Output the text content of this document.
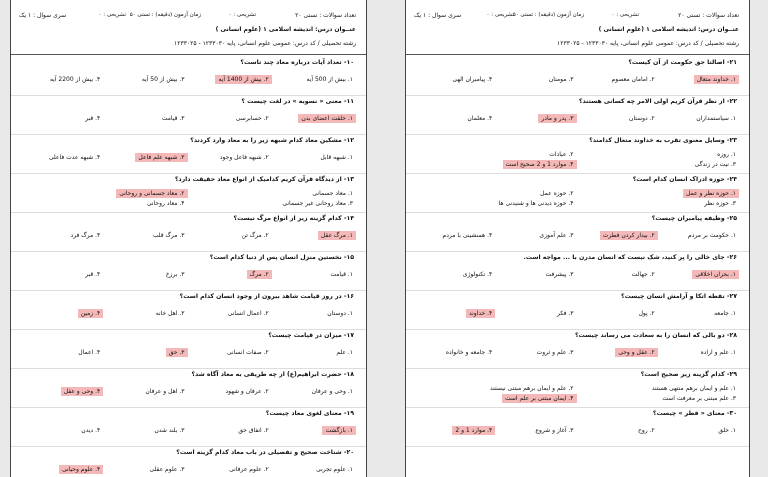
تعداد سوالات : تستی ۲۰
تشریحی : ۰
زمان آزمون (دقیقه) : تستی ۵۰
تشریحی : ۰
سری سوال : ۱ یک
عنــوان درس: اندیشه اسلامی ۱ (علوم انسانی )
رشته تحصیلی / کد درس: عمومی علوم انسانی، پایه ۱۲۳۳۰۳۰ - ۱۲۳۳۰۲۵
۱۰- تعداد آیات درباره معاد چند تاست؟
۱. بیش از 500 آیه
۲. بیش از 1400 آیه
۳. بیش از 50 آیه
۴. بیش از 2200 آیه
۱۱- معنی « نسوبه » در لغت چیست ؟
۱. خلقت اعضای بدن
۲. حسابرسی
۳. قیامت
۴. قبر
۱۲- مشکین معاد کدام شبهه زیر را به معاد وارد کردند؟
۱. شبهه قابل
۲. شبهه فاعل وجود
۳. شبهه علم فاعل
۴. شبهه عدت فاعلی
۱۳- از دیدگاه قرآن کریم کدامیک از انواع معاد حقیقت دارد؟
۱. معاد جسمانی
۲. معاد جسمانی و روحانی
۳. معاد روحانی غیر جسمانی
۴. معاد روحانی
۱۴- کدام گزینه زیر از انواع مرگ نیست؟
۱. مرگ عقل
۲. مرگ تن
۳. مرگ قلب
۴. مرگ فرد
۱۵- نخستین منزل انسان پس از دنیا کدام است؟
۱. قیامت
۲. مرگ
۳. برزخ
۴. قبر
۱۶- در روز قیامت شاهد بیرون از وجود انسان کدام است؟
۱. دوستان
۲. اعمال انسانی
۳. اهل خانه
۴. زمین
۱۷- میزان در قیامت چیست؟
۱. علم
۲. صفات انسانی
۳. حق
۴. اعمال
۱۸- حضرت ابراهیم(ع) از چه طریقی به معاد آگاه شد؟
۱. وحی و عرفان
۲. عرفان و شهود
۳. اهل و عرفان
۴. وحی و عقل
۱۹- معنای لغوی معاد چیست؟
۱. بازگشت
۲. اتفاق حق
۳. بلند شدن
۴. دیدن
۲۰- شناخت صحیح و تفصیلی در باب معاد کدام گزینه است؟
۱. علوم تجربی
۲. علوم عرفانی
۳. علوم عقلی
۴. علوم وحیانی
تعداد سوالات : تستی ۲۰
تشریحی : ۰
زمان آزمون (دقیقه) : تستی ۵۰
تشریحی : ۰
سری سوال : ۱ یک
عنــوان درس: اندیشه اسلامی ۱ (علوم انسانی )
رشته تحصیلی / کد درس: عمومی علوم انسانی، پایه ۱۲۳۳۰۳۰ - ۱۲۳۳۰۲۵
۲۱- اصالتا حق حکومت از آن کیست؟
۱. خداوند متعال
۲. امامان معصوم
۳. مومنان
۴. پیامبران الهی
۲۲- از نظر قرآن کریم اولی الامر چه کسانی هستند؟
۱. سیاستمداران
۲. دوستان
۳. پدر و مادر
۴. معلمان
۲۳- وسایل معنوی تقرب به خداوند متعال کدامند؟
۱. روزه
۲. عبادات
۳. نیت در زندگی
۴. موارد 1 و 2 صحیح است
۲۴- حوزه ادراک انسان کدام است؟
۱. حوزه نظر و عمل
۲. حوزه عمل
۳. حوزه نظر
۴. حوزه دیدنی ها و شنیدنی ها
۲۵- وظیفه پیامبران چیست؟
۱. حکومت بر مردم
۲. بیدار کردن فطرت
۳. علم آموزی
۴. همنشینی با مردم
۲۶- جای خالی را پر کنید، شک نیست که انسان مدرن با ... مواجه است.
۱. بحران اخلاقی
۲. جهالت
۳. پیشرفت
۴. تکنولوژی
۲۷- نقطه اتکا و آرامش انسان چیست؟
۱. جامعه
۲. پول
۳. فکر
۴. خداوند
۲۸- دو بالی که انسان را به سعادت می رساند چیست؟
۱. علم و اراده
۲. عقل و وحی
۳. علم و ثروت
۴. جامعه و خانواده
۲۹- کدام گزینه زیر صحیح است؟
۱. علم و ایمان برهم منتهی هستند
۲. علم و ایمان برهم مبتنی نیستند
۳. علم مبتنی بر معرفت است
۴. ایمان مبتنی بر علم است
۳۰- معنای « فطر » چیست؟
۱. خلق
۲. روح
۳. آغاز و شروع
۴. موارد 1 و 2
